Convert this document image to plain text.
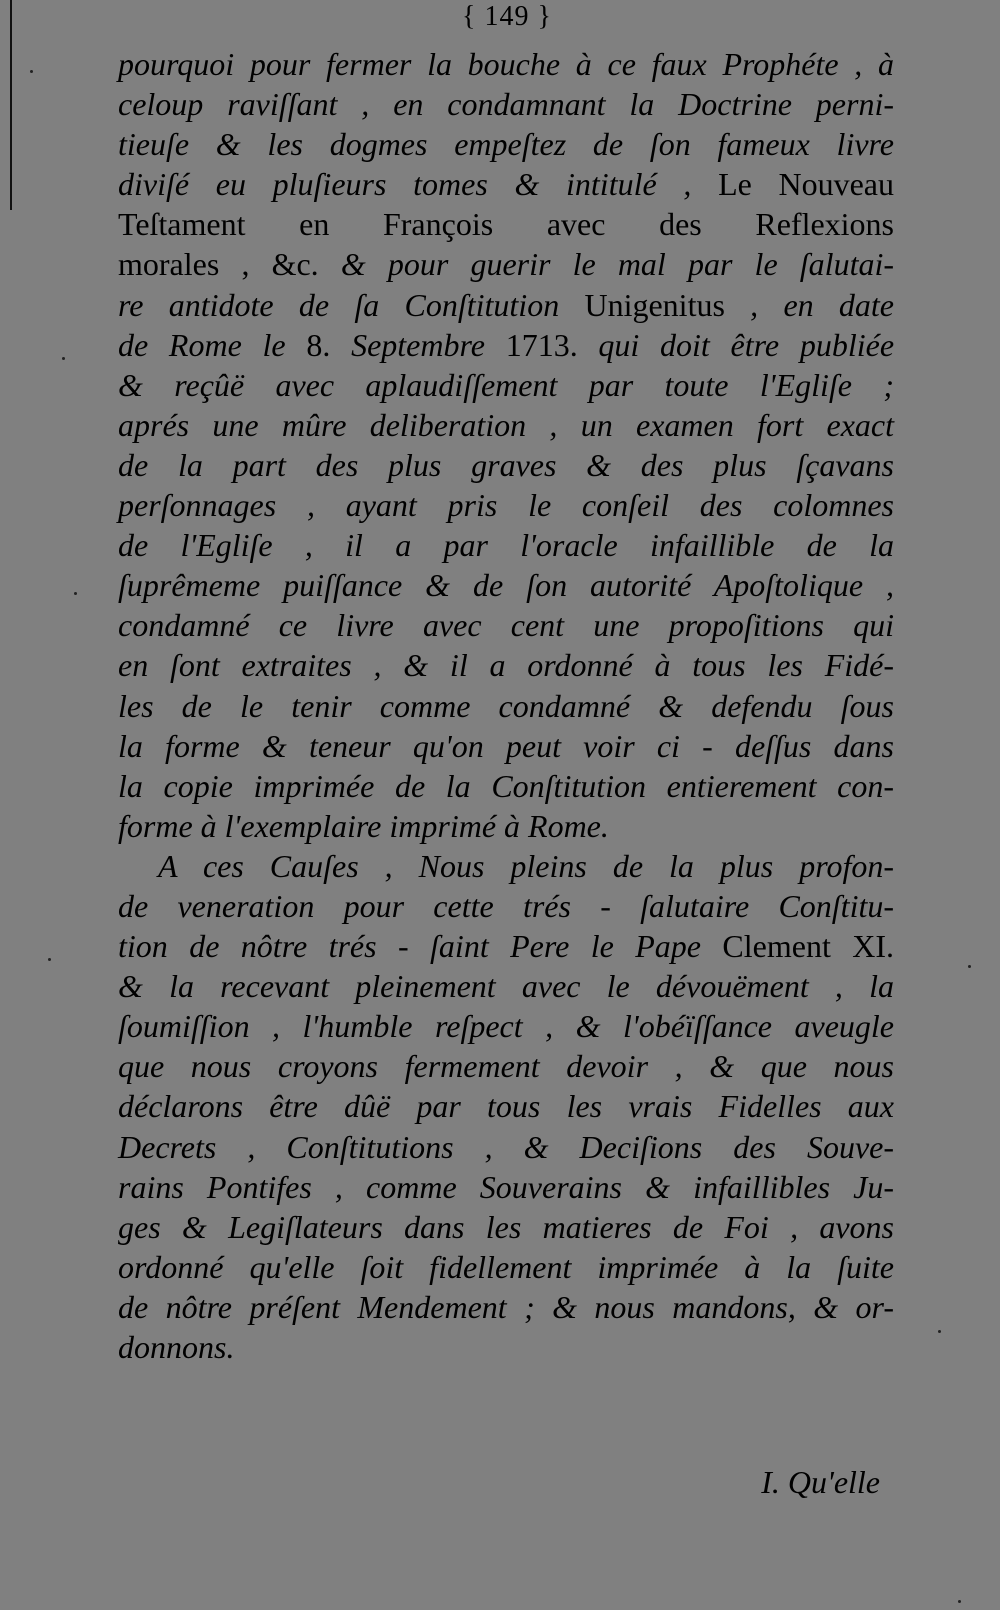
{ 149 }
pourquoi pour fermer la bouche à ce faux Prophéte , à
celoup raviſſant , en condamnant la Doctrine perni-
tieuſe & les dogmes empeſtez de ſon fameux livre
diviſé eu pluſieurs tomes & intitulé , Le Nouveau
Teſtament en François avec des Reflexions
morales , &c. & pour guerir le mal par le ſalutai-
re antidote de ſa Conſtitution Unigenitus , en date
de Rome le 8. Septembre 1713. qui doit être publiée
& reçûë avec aplaudiſſement par toute l'Egliſe ;
aprés une mûre deliberation , un examen fort exact
de la part des plus graves & des plus ſçavans
perſonnages , ayant pris le conſeil des colomnes
de l'Egliſe , il a par l'oracle infaillible de la
ſuprêmeme puiſſance & de ſon autorité Apoſtolique ,
condamné ce livre avec cent une propoſitions qui
en ſont extraites , & il a ordonné à tous les Fidé-
les de le tenir comme condamné & defendu ſous
la forme & teneur qu'on peut voir ci - deſſus dans
la copie imprimée de la Conſtitution entierement con-
forme à l'exemplaire imprimé à Rome.
A ces Cauſes , Nous pleins de la plus profon-
de veneration pour cette trés - ſalutaire Conſtitu-
tion de nôtre trés - ſaint Pere le Pape Clement XI.
& la recevant pleinement avec le dévouëment , la
ſoumiſſion , l'humble reſpect , & l'obéïſſance aveugle
que nous croyons fermement devoir , & que nous
déclarons être dûë par tous les vrais Fidelles aux
Decrets , Conſtitutions , & Deciſions des Souve-
rains Pontifes , comme Souverains & infaillibles Ju-
ges & Legiſlateurs dans les matieres de Foi , avons
ordonné qu'elle ſoit fidellement imprimée à la ſuite
de nôtre préſent Mendement ; & nous mandons, & or-
donnons.
I. Qu'elle
